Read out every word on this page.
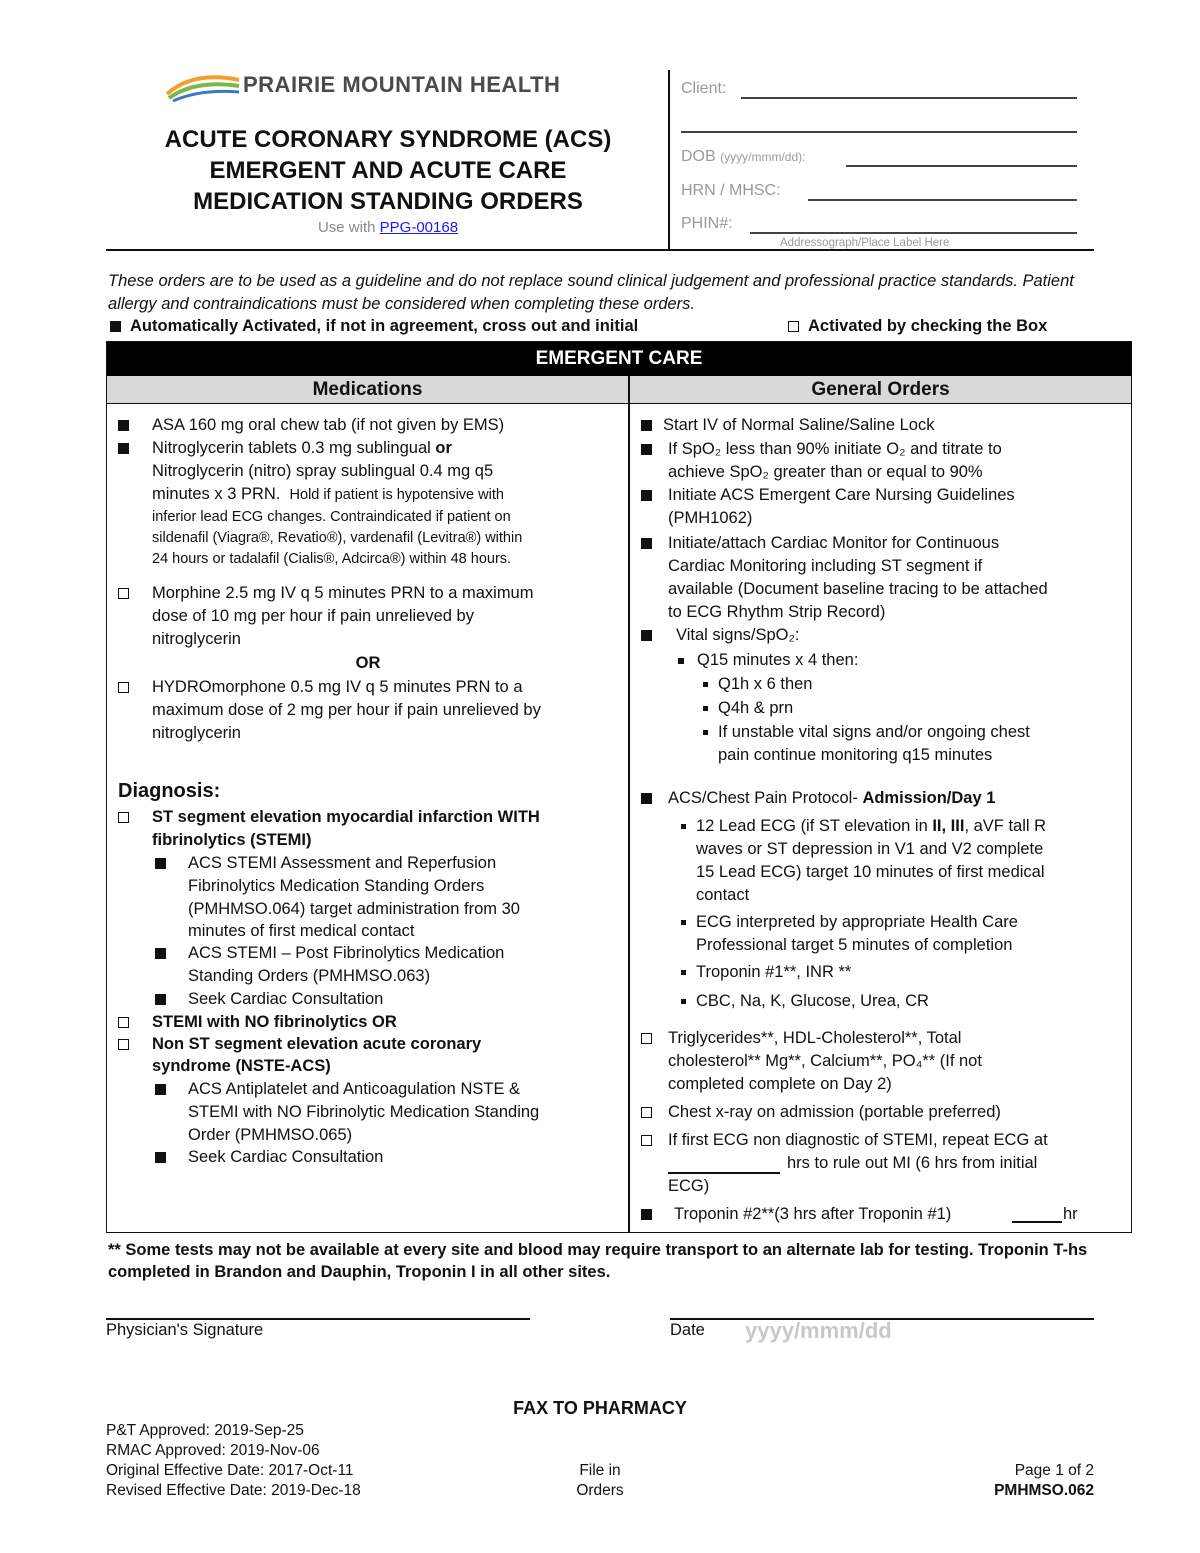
PRAIRIE MOUNTAIN HEALTH
ACUTE CORONARY SYNDROME (ACS)
EMERGENT AND ACUTE CARE
MEDICATION STANDING ORDERS
Use with PPG-00168
Client:
DOB (yyyy/mmm/dd):
HRN / MHSC:
PHIN#:
Addressograph/Place Label Here
These orders are to be used as a guideline and do not replace sound clinical judgement and professional practice standards. Patient allergy and contraindications must be considered when completing these orders.
Automatically Activated, if not in agreement, cross out and initial	Activated by checking the Box
EMERGENT CARE
Medications	General Orders
ASA 160 mg oral chew tab (if not given by EMS)
Nitroglycerin tablets 0.3 mg sublingual or
Nitroglycerin (nitro) spray sublingual 0.4 mg q5
minutes x 3 PRN. Hold if patient is hypotensive with
inferior lead ECG changes. Contraindicated if patient on
sildenafil (Viagra®, Revatio®), vardenafil (Levitra®) within
24 hours or tadalafil (Cialis®, Adcirca®) within 48 hours.
Morphine 2.5 mg IV q 5 minutes PRN to a maximum
dose of 10 mg per hour if pain unrelieved by
nitroglycerin
OR
HYDROmorphone 0.5 mg IV q 5 minutes PRN to a
maximum dose of 2 mg per hour if pain unrelieved by
nitroglycerin
Diagnosis:
ST segment elevation myocardial infarction WITH
fibrinolytics (STEMI)
ACS STEMI Assessment and Reperfusion
Fibrinolytics Medication Standing Orders
(PMHMSO.064) target administration from 30
minutes of first medical contact
ACS STEMI – Post Fibrinolytics Medication
Standing Orders (PMHMSO.063)
Seek Cardiac Consultation
STEMI with NO fibrinolytics OR
Non ST segment elevation acute coronary
syndrome (NSTE-ACS)
ACS Antiplatelet and Anticoagulation NSTE &
STEMI with NO Fibrinolytic Medication Standing
Order (PMHMSO.065)
Seek Cardiac Consultation
Start IV of Normal Saline/Saline Lock
If SpO₂ less than 90% initiate O₂ and titrate to
achieve SpO₂ greater than or equal to 90%
Initiate ACS Emergent Care Nursing Guidelines
(PMH1062)
Initiate/attach Cardiac Monitor for Continuous
Cardiac Monitoring including ST segment if
available (Document baseline tracing to be attached
to ECG Rhythm Strip Record)
Vital signs/SpO₂:
Q15 minutes x 4 then:
Q1h x 6 then
Q4h & prn
If unstable vital signs and/or ongoing chest
pain continue monitoring q15 minutes
ACS/Chest Pain Protocol- Admission/Day 1
12 Lead ECG (if ST elevation in II, III, aVF tall R
waves or ST depression in V1 and V2 complete
15 Lead ECG) target 10 minutes of first medical
contact
ECG interpreted by appropriate Health Care
Professional target 5 minutes of completion
Troponin #1**, INR **
CBC, Na, K, Glucose, Urea, CR
Triglycerides**, HDL-Cholesterol**, Total
cholesterol** Mg**, Calcium**, PO₄** (If not
completed complete on Day 2)
Chest x-ray on admission (portable preferred)
If first ECG non diagnostic of STEMI, repeat ECG at
hrs to rule out MI (6 hrs from initial
ECG)
Troponin #2**(3 hrs after Troponin #1)	hr
** Some tests may not be available at every site and blood may require transport to an alternate lab for testing. Troponin T-hs completed in Brandon and Dauphin, Troponin I in all other sites.
Physician's Signature	Date yyyy/mmm/dd
FAX TO PHARMACY
P&T Approved: 2019-Sep-25
RMAC Approved: 2019-Nov-06
Original Effective Date: 2017-Oct-11
Revised Effective Date: 2019-Dec-18
File in
Orders
Page 1 of 2
PMHMSO.062
